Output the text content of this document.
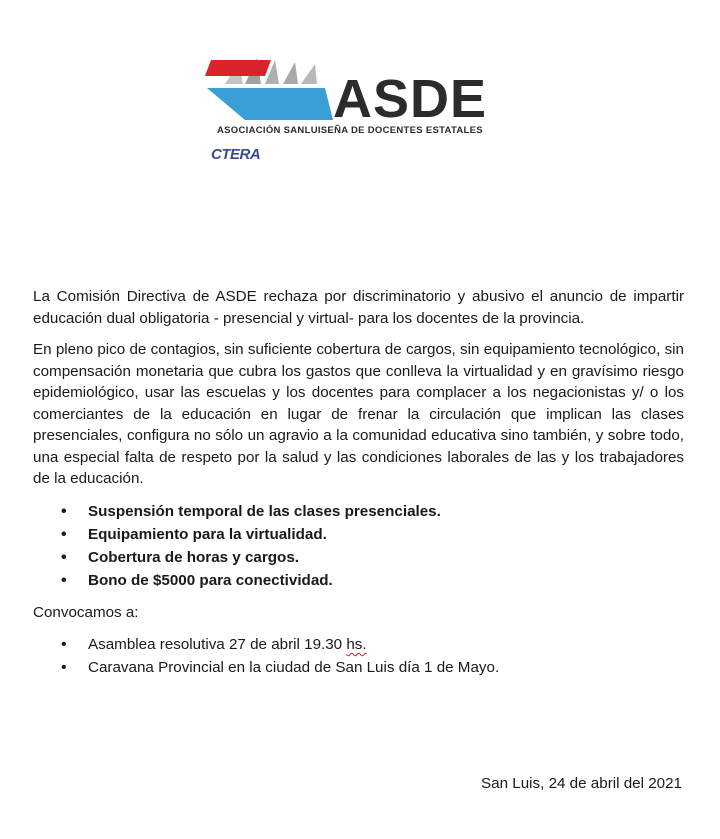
ASDE
ASOCIACIÓN SANLUISEÑA DE DOCENTES ESTATALES
CTERA	CTA

La Comisión Directiva de ASDE rechaza por discriminatorio y abusivo el anuncio de impartir educación dual obligatoria - presencial y virtual- para los docentes de la provincia.

En pleno pico de contagios, sin suficiente cobertura de cargos, sin equipamiento tecnológico, sin compensación monetaria que cubra los gastos que conlleva la virtualidad y en gravísimo riesgo epidemiológico, usar las escuelas y los docentes para complacer a los negacionistas y/ o los comerciantes de la educación en lugar de frenar la circulación que implican las clases presenciales, configura no sólo un agravio a la comunidad educativa sino también, y sobre todo, una especial falta de respeto por la salud y las condiciones laborales de las y los trabajadores de la educación.

• Suspensión temporal de las clases presenciales.
• Equipamiento para la virtualidad.
• Cobertura de horas y cargos.
• Bono de $5000 para conectividad.

Convocamos a:

• Asamblea resolutiva 27 de abril 19.30 hs.
• Caravana Provincial en la ciudad de San Luis día 1 de Mayo.
San Luis, 24 de abril del 2021
